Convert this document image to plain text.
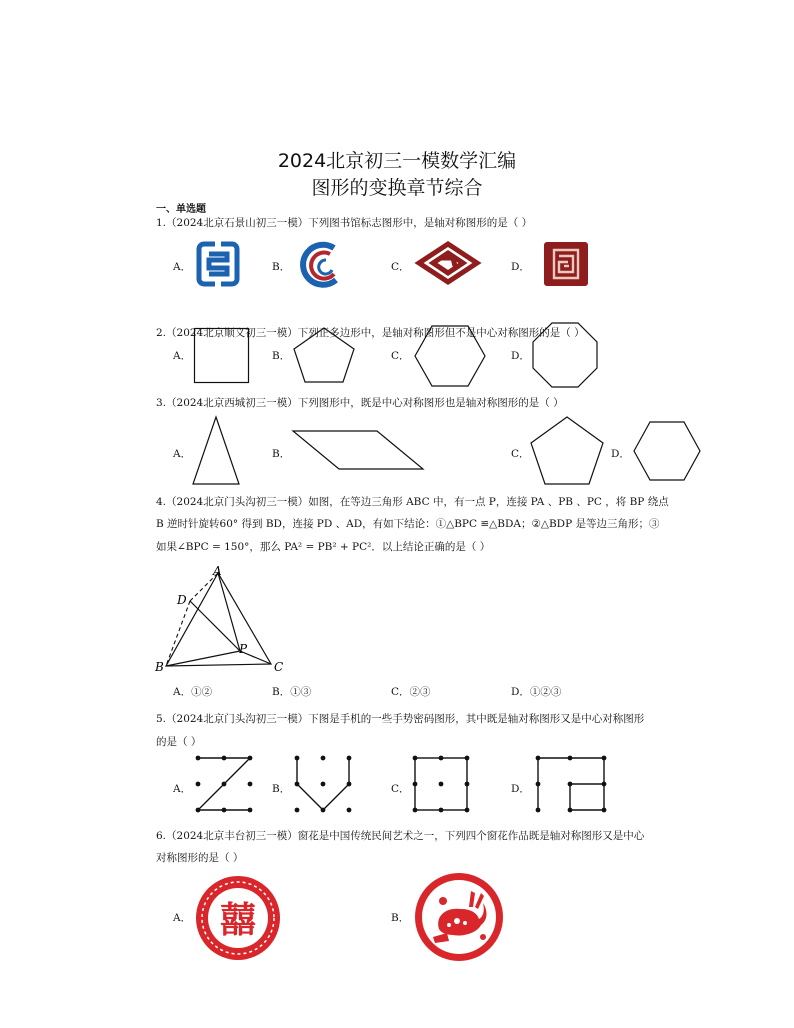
2024北京初三一模数学汇编
图形的变换章节综合
一、单选题
1.（2024北京石景山初三一模）下列图书馆标志图形中，是轴对称图形的是（ ）
A．	B．	C．	D．
2.（2024北京顺义初三一模）下列正多边形中，是轴对称图形但不是中心对称图形的是（ ）
A．	B．	C．	D．
3.（2024北京西城初三一模）下列图形中，既是中心对称图形也是轴对称图形的是（ ）
A．	B．	C．	D．
4.（2024北京门头沟初三一模）如图，在等边三角形 ABC 中，有一点 P，连接 PA 、PB 、PC ，将 BP 绕点
B 逆时针旋转60° 得到 BD，连接 PD 、AD，有如下结论：①△BPC ≌△BDA；②△BDP 是等边三角形；③
如果∠BPC = 150°，那么 PA² = PB² + PC²．以上结论正确的是（ ）
A
D
P
B	C
A．①②	B．①③	C．②③	D．①②③
5.（2024北京门头沟初三一模）下图是手机的一些手势密码图形，其中既是轴对称图形又是中心对称图形
的是（ ）
A．	B．	C．	D．
6.（2024北京丰台初三一模）窗花是中国传统民间艺术之一，下列四个窗花作品既是轴对称图形又是中心
对称图形的是（ ）
A．	B．
囍
